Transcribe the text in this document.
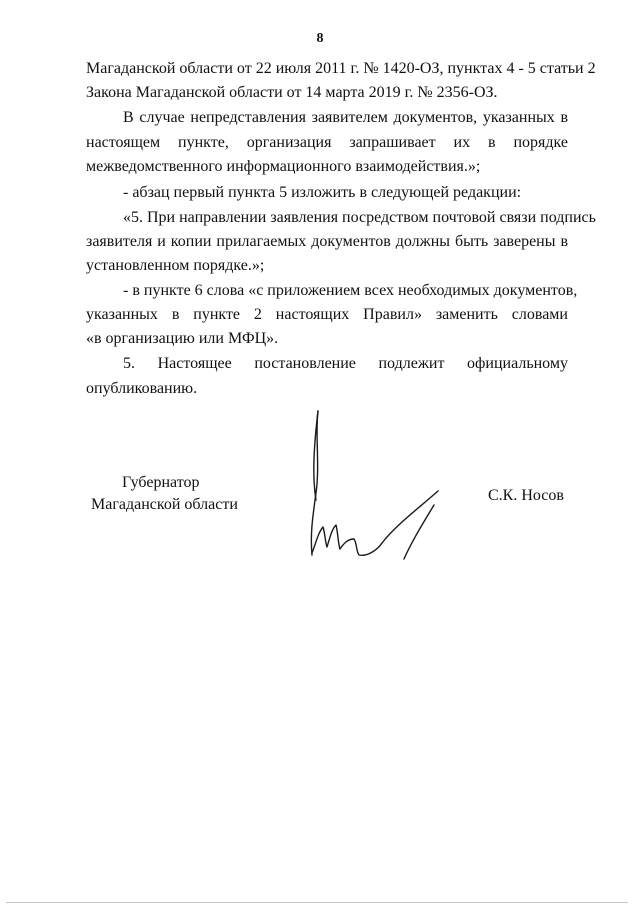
8
Магаданской области от 22 июля 2011 г. № 1420-ОЗ, пунктах 4 - 5 статьи 2
Закона Магаданской области от 14 марта 2019 г. № 2356-ОЗ.
В случае непредставления заявителем документов, указанных в
настоящем пункте, организация запрашивает их в порядке
межведомственного информационного взаимодействия.»;
- абзац первый пункта 5 изложить в следующей редакции:
«5. При направлении заявления посредством почтовой связи подпись
заявителя и копии прилагаемых документов должны быть заверены в
установленном порядке.»;
- в пункте 6 слова «с приложением всех необходимых документов,
указанных в пункте 2 настоящих Правил» заменить словами
«в организацию или МФЦ».
5. Настоящее постановление подлежит официальному
опубликованию.
Губернатор
Магаданской области
С.К. Носов
